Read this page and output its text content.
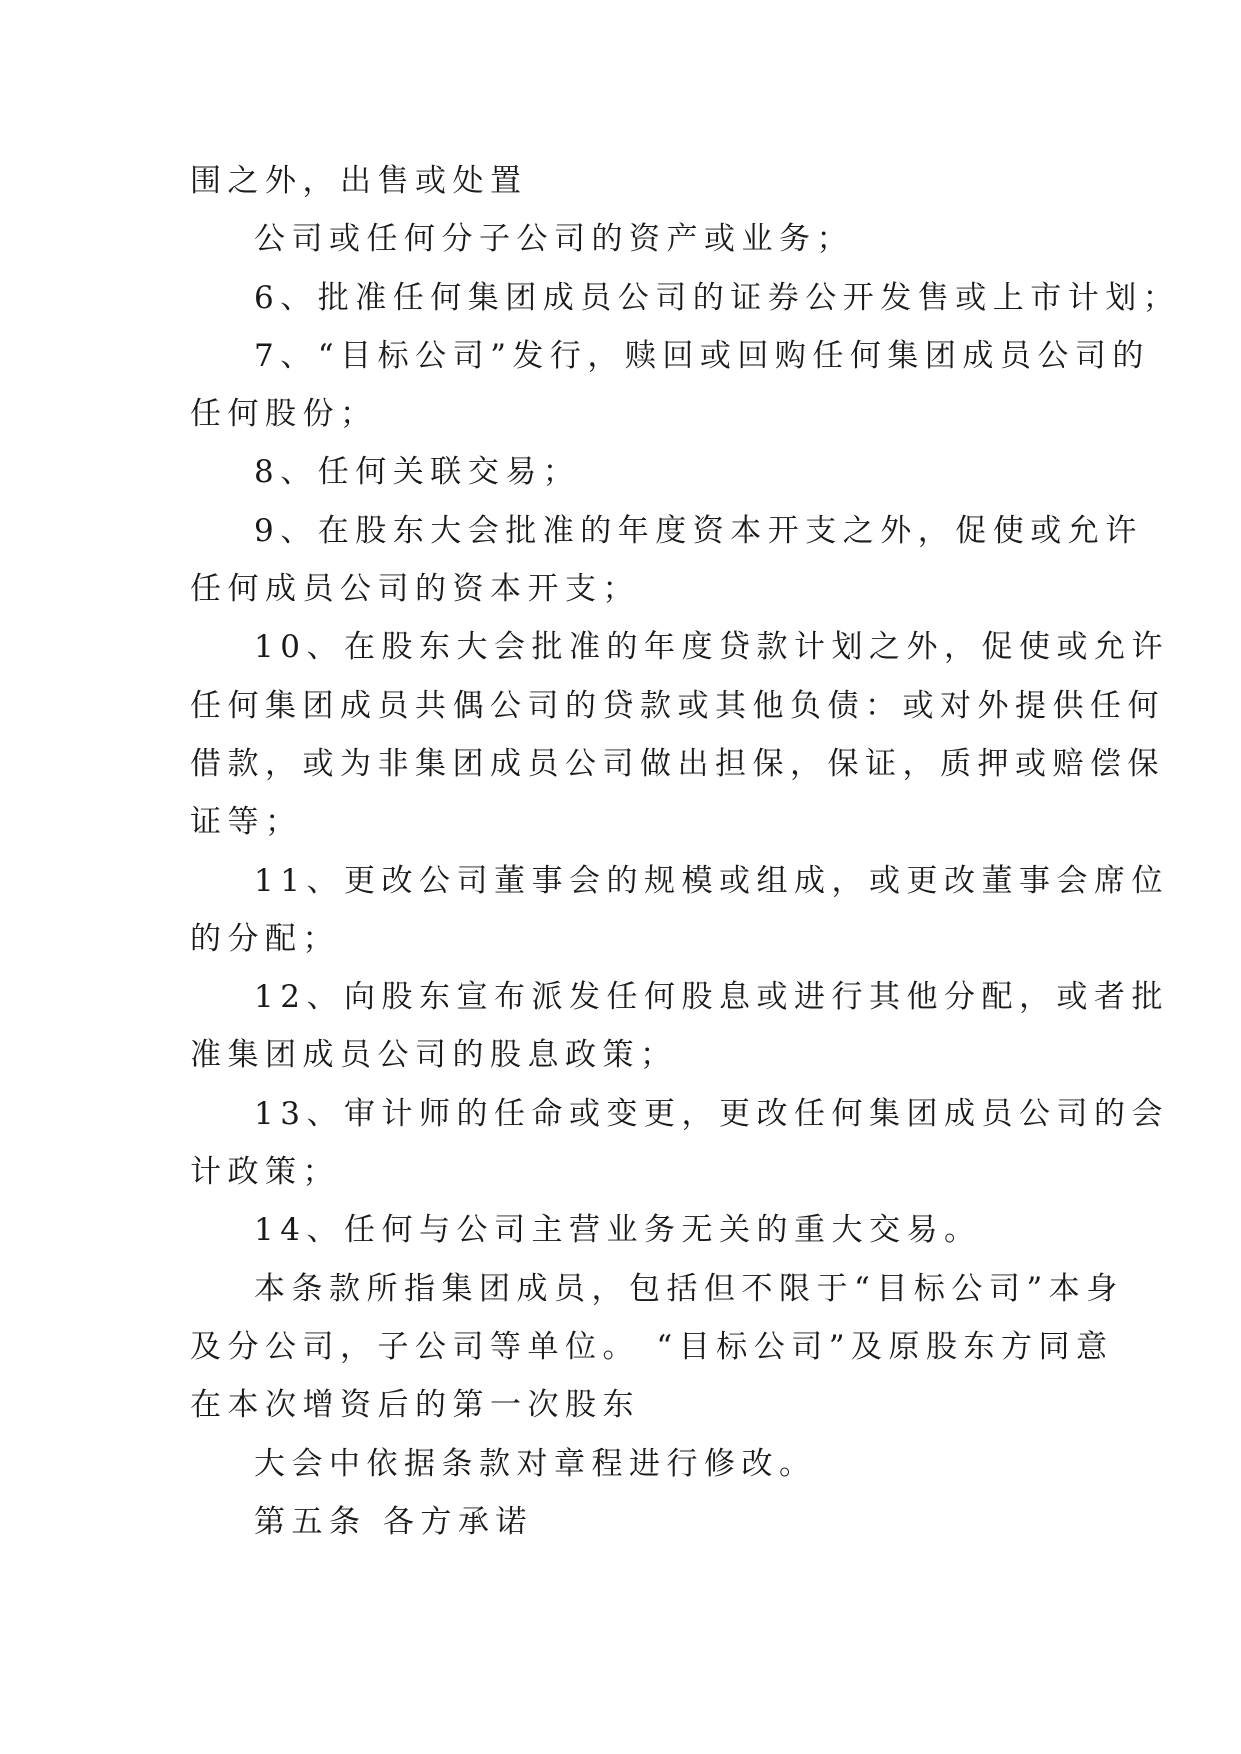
围之外，出售或处置
公司或任何分子公司的资产或业务；
6、批准任何集团成员公司的证券公开发售或上市计划；
7、“目标公司”发行，赎回或回购任何集团成员公司的
任何股份；
8、任何关联交易；
9、在股东大会批准的年度资本开支之外，促使或允许
任何成员公司的资本开支；
10、在股东大会批准的年度贷款计划之外，促使或允许
任何集团成员共偶公司的贷款或其他负债：或对外提供任何
借款，或为非集团成员公司做出担保，保证，质押或赔偿保
证等；
11、更改公司董事会的规模或组成，或更改董事会席位
的分配；
12、向股东宣布派发任何股息或进行其他分配，或者批
准集团成员公司的股息政策；
13、审计师的任命或变更，更改任何集团成员公司的会
计政策；
14、任何与公司主营业务无关的重大交易。
本条款所指集团成员，包括但不限于“目标公司”本身
及分公司，子公司等单位。 “目标公司”及原股东方同意
在本次增资后的第一次股东
大会中依据条款对章程进行修改。
第五条 各方承诺
